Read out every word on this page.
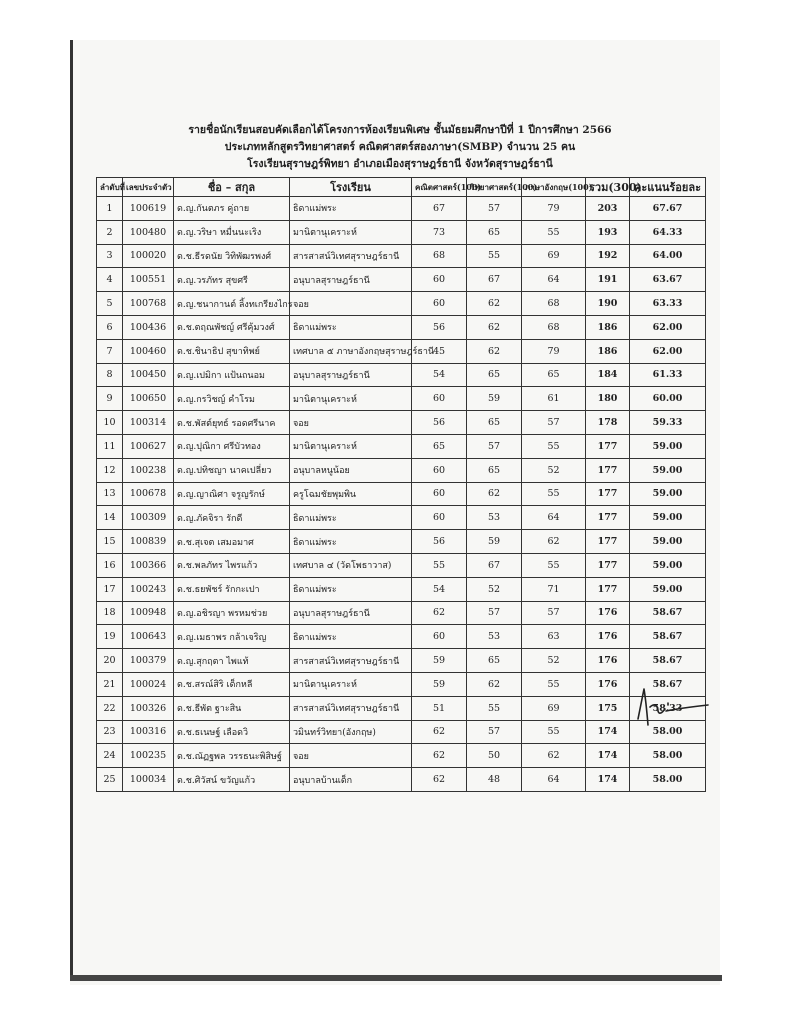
รายชื่อนักเรียนสอบคัดเลือกได้โครงการห้องเรียนพิเศษ ชั้นมัธยมศึกษาปีที่ 1 ปีการศึกษา 2566
ประเภทหลักสูตรวิทยาศาสตร์ คณิตศาสตร์สองภาษา(SMBP) จำนวน 25 คน
โรงเรียนสุราษฎร์พิทยา อำเภอเมืองสุราษฎร์ธานี จังหวัดสุราษฎร์ธานี
ลำดับที่	เลขประจำตัว	ชื่อ – สกุล	โรงเรียน	คณิตศาสตร์(100)	วิทยาศาสตร์(100)	ภาษาอังกฤษ(100)	รวม(300)	คะแนนร้อยละ
1	100619	ด.ญ.กันตภร คู่ถาย	ธิดาแม่พระ	67	57	79	203	67.67
2	100480	ด.ญ.วริษา หมื่นนะเริง	มานิตานุเคราะห์	73	65	55	193	64.33
3	100020	ด.ช.ธีรดนัย วิทิพัฒรพงศ์	สารสาสน์วิเทศสุราษฎร์ธานี	68	55	69	192	64.00
4	100551	ด.ญ.วรภัทร สุขศรี	อนุบาลสุราษฎร์ธานี	60	67	64	191	63.67
5	100768	ด.ญ.ชนากานต์ ลิ้งทเกรียงไกร	จอย	60	62	68	190	63.33
6	100436	ด.ช.ตฤณพัชญ์ ศรีคุ้มวงศ์	ธิดาแม่พระ	56	62	68	186	62.00
7	100460	ด.ช.ชินาธิป สุขาทิพย์	เทศบาล ๕ ภาษาอังกฤษสุราษฎร์ธานี	45	62	79	186	62.00
8	100450	ด.ญ.เปมิกา แป้นถนอม	อนุบาลสุราษฎร์ธานี	54	65	65	184	61.33
9	100650	ด.ญ.กรวิชญ์ คำโรม	มานิตานุเคราะห์	60	59	61	180	60.00
10	100314	ด.ช.พัสต์ยุทธ์ รอดศรีนาค	จอย	56	65	57	178	59.33
11	100627	ด.ญ.ปุณิกา ศรีบัวทอง	มานิตานุเคราะห์	65	57	55	177	59.00
12	100238	ด.ญ.ปทิชญา นาคเปลี่ยว	อนุบาลหนูน้อย	60	65	52	177	59.00
13	100678	ด.ญ.ญาณิศา จรูญรักษ์	ครูโฉมชัยพุมพิน	60	62	55	177	59.00
14	100309	ด.ญ.ภัคจิรา รักดี	ธิดาแม่พระ	60	53	64	177	59.00
15	100839	ด.ช.สุเจต เสมอมาศ	ธิดาแม่พระ	56	59	62	177	59.00
16	100366	ด.ช.พลภัทร ไพรแก้ว	เทศบาล ๔ (วัดโพธาวาส)	55	67	55	177	59.00
17	100243	ด.ช.ธยพัชร์ รักกะเปา	ธิดาแม่พระ	54	52	71	177	59.00
18	100948	ด.ญ.อชิรญา พรหมช่วย	อนุบาลสุราษฎร์ธานี	62	57	57	176	58.67
19	100643	ด.ญ.เมธาพร กล้าเจริญ	ธิดาแม่พระ	60	53	63	176	58.67
20	100379	ด.ญ.สุกฤตา ไพแท้	สารสาสน์วิเทศสุราษฎร์ธานี	59	65	52	176	58.67
21	100024	ด.ช.สรณ์สิริ เด็กหลี	มานิตานุเคราะห์	59	62	55	176	58.67
22	100326	ด.ช.ธีพัต ฐาะสิน	สารสาสน์วิเทศสุราษฎร์ธานี	51	55	69	175	58.33
23	100316	ด.ช.ธเนษฐ์ เลือดวิ	วมินทร์วิทยา(อังกฤษ)	62	57	55	174	58.00
24	100235	ด.ช.ณัฏฐพล วรรธนะพิสิษฐ์	จอย	62	50	62	174	58.00
25	100034	ด.ช.ศิวัสน์ ขวัญแก้ว	อนุบาลบ้านเด็ก	62	48	64	174	58.00
